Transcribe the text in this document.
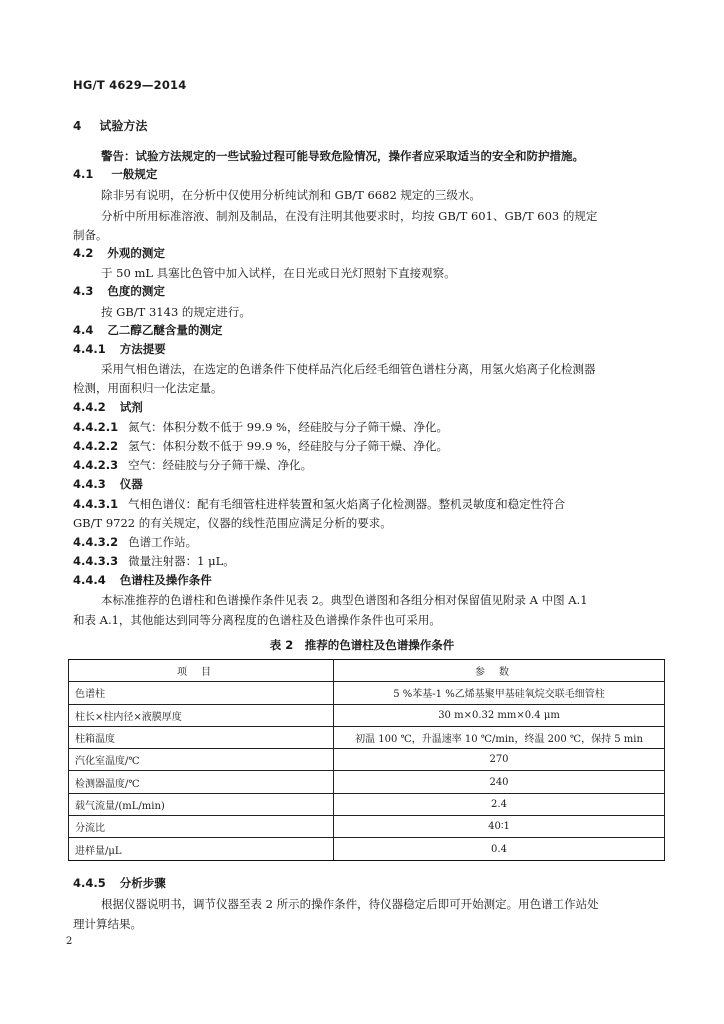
HG/T 4629—2014
4 试验方法
警告：试验方法规定的一些试验过程可能导致危险情况，操作者应采取适当的安全和防护措施。
4.1 一般规定
除非另有说明，在分析中仅使用分析纯试剂和 GB/T 6682 规定的三级水。
分析中所用标准溶液、制剂及制品，在没有注明其他要求时，均按 GB/T 601、GB/T 603 的规定
制备。
4.2 外观的测定
于 50 mL 具塞比色管中加入试样，在日光或日光灯照射下直接观察。
4.3 色度的测定
按 GB/T 3143 的规定进行。
4.4 乙二醇乙醚含量的测定
4.4.1 方法提要
采用气相色谱法，在选定的色谱条件下使样品汽化后经毛细管色谱柱分离，用氢火焰离子化检测器
检测，用面积归一化法定量。
4.4.2 试剂
4.4.2.1 氮气：体积分数不低于 99.9 %，经硅胶与分子筛干燥、净化。
4.4.2.2 氢气：体积分数不低于 99.9 %，经硅胶与分子筛干燥、净化。
4.4.2.3 空气：经硅胶与分子筛干燥、净化。
4.4.3 仪器
4.4.3.1 气相色谱仪：配有毛细管柱进样装置和氢火焰离子化检测器。整机灵敏度和稳定性符合
GB/T 9722 的有关规定，仪器的线性范围应满足分析的要求。
4.4.3.2 色谱工作站。
4.4.3.3 微量注射器：1 μL。
4.4.4 色谱柱及操作条件
本标准推荐的色谱柱和色谱操作条件见表 2。典型色谱图和各组分相对保留值见附录 A 中图 A.1
和表 A.1，其他能达到同等分离程度的色谱柱及色谱操作条件也可采用。
表 2　推荐的色谱柱及色谱操作条件
项目	参数
色谱柱	5 %苯基-1 %乙烯基聚甲基硅氧烷交联毛细管柱
柱长×柱内径×液膜厚度	30 m×0.32 mm×0.4 μm
柱箱温度	初温 100 ℃，升温速率 10 ℃/min，终温 200 ℃，保持 5 min
汽化室温度/℃	270
检测器温度/℃	240
载气流量/(mL/min)	2.4
分流比	40∶1
进样量/μL	0.4
4.4.5 分析步骤
根据仪器说明书，调节仪器至表 2 所示的操作条件，待仪器稳定后即可开始测定。用色谱工作站处
理计算结果。
2
